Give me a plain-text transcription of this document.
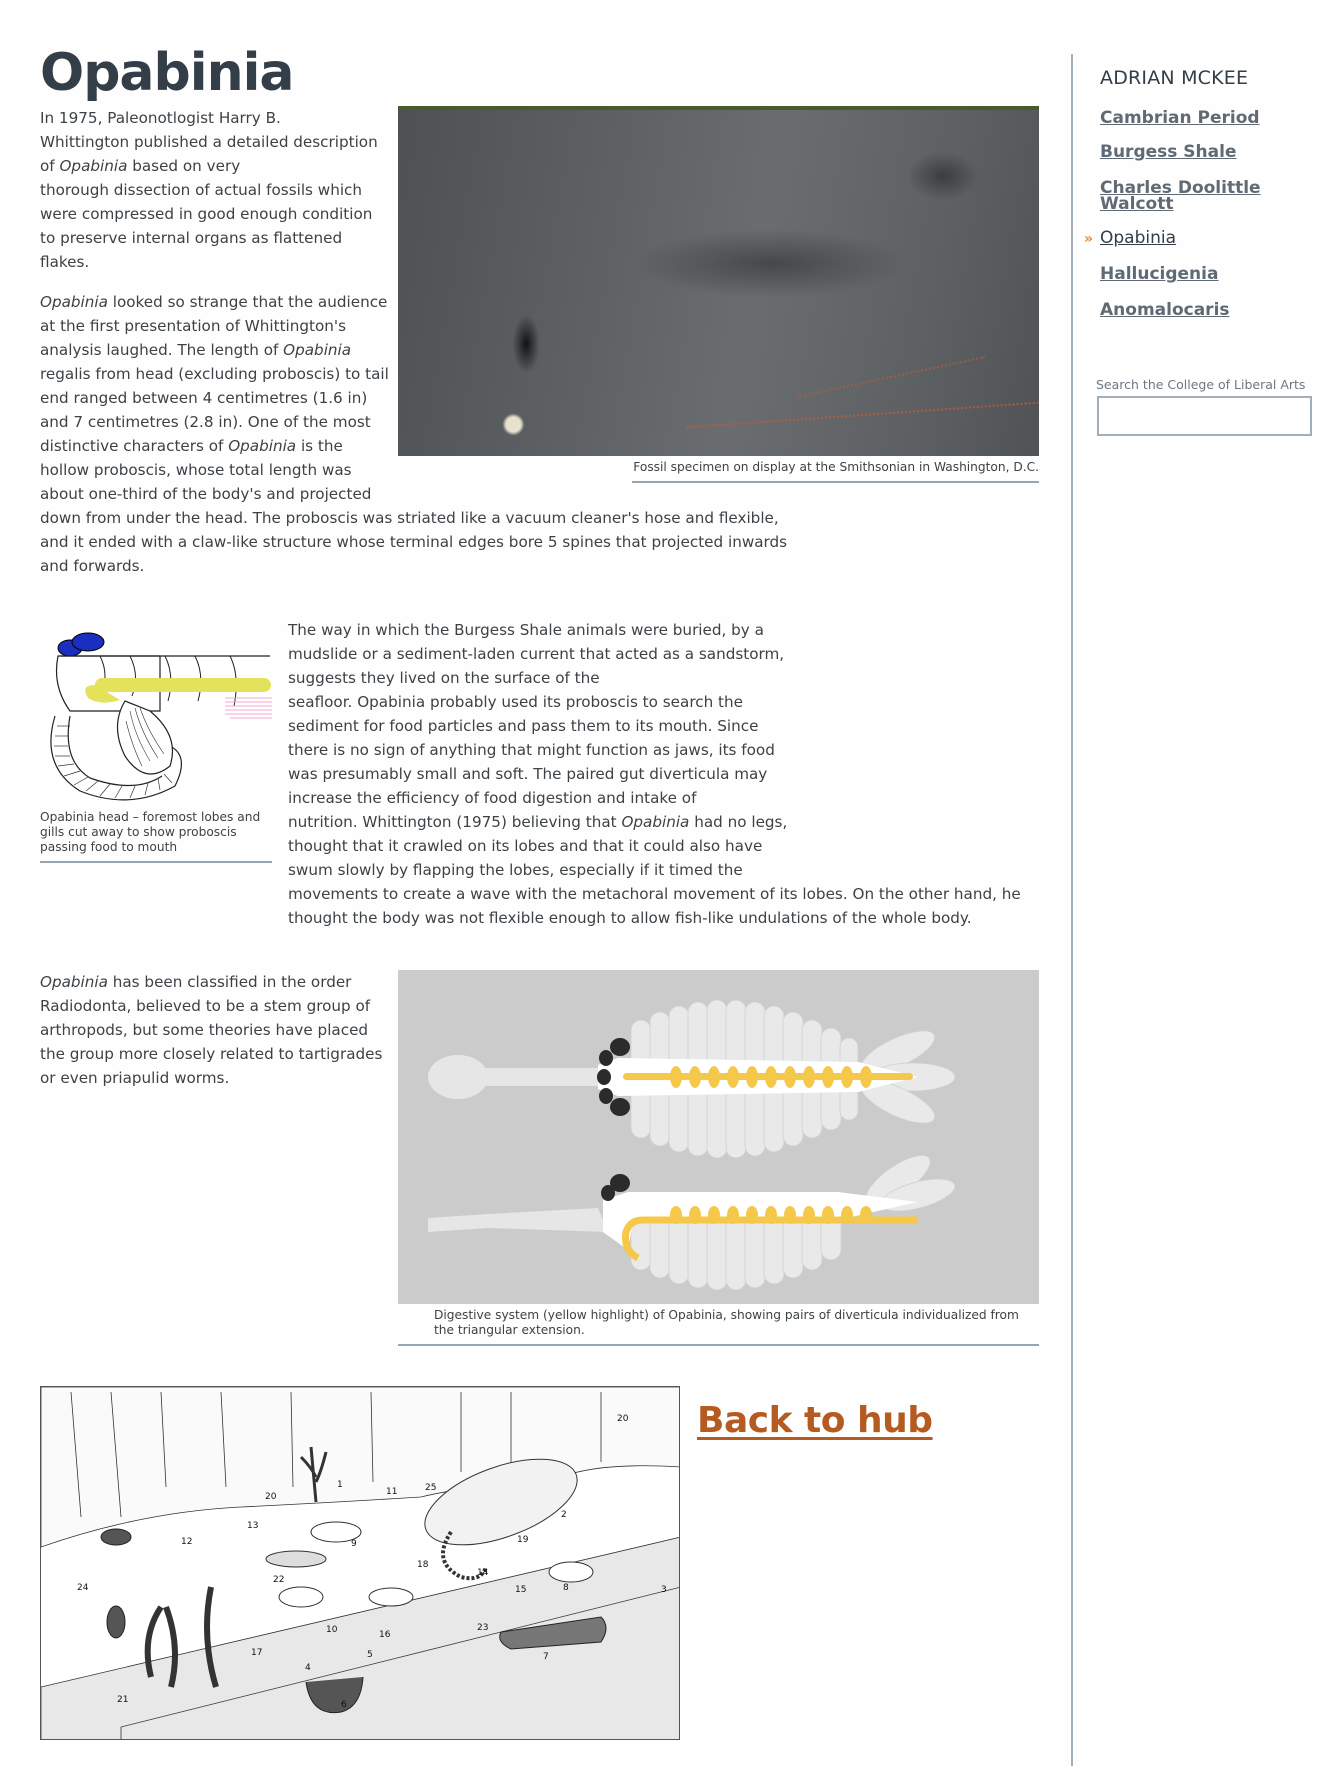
Opabinia
In 1975, Paleonotlogist Harry B.
Whittington published a detailed description
of Opabinia based on very
thorough dissection of actual fossils which
were compressed in good enough condition
to preserve internal organs as flattened
flakes.
Fossil specimen on display at the Smithsonian in Washington, D.C.
Opabinia looked so strange that the audience
at the first presentation of Whittington's
analysis laughed. The length of Opabinia
regalis from head (excluding proboscis) to tail
end ranged between 4 centimetres (1.6 in)
and 7 centimetres (2.8 in). One of the most
distinctive characters of Opabinia is the
hollow proboscis, whose total length was
about one-third of the body's and projected
down from under the head. The proboscis was striated like a vacuum cleaner's hose and flexible,
and it ended with a claw-like structure whose terminal edges bore 5 spines that projected inwards
and forwards.
Opabinia head – foremost lobes and gills cut away to show proboscis passing food to mouth
The way in which the Burgess Shale animals were buried, by a
mudslide or a sediment-laden current that acted as a sandstorm,
suggests they lived on the surface of the
seafloor. Opabinia probably used its proboscis to search the
sediment for food particles and pass them to its mouth. Since
there is no sign of anything that might function as jaws, its food
was presumably small and soft. The paired gut diverticula may
increase the efficiency of food digestion and intake of
nutrition. Whittington (1975) believing that Opabinia had no legs,
thought that it crawled on its lobes and that it could also have
swum slowly by flapping the lobes, especially if it timed the
movements to create a wave with the metachoral movement of its lobes. On the other hand, he
thought the body was not flexible enough to allow fish-like undulations of the whole body.
Opabinia has been classified in the order
Radiodonta, believed to be a stem group of
arthropods, but some theories have placed
the group more closely related to tartigrades
or even priapulid worms.
Digestive system (yellow highlight) of Opabinia, showing pairs of diverticula individualized from the triangular extension.
1
2
3
4
5
6
7
8
9
10
11
12
13
14
15
16
17
18
19
20
20
21
22
23
24
25
Back to hub
ADRIAN MCKEE
Cambrian Period
Burgess Shale
Charles Doolittle Walcott
» Opabinia
Hallucigenia
Anomalocaris
Search the College of Liberal Arts
